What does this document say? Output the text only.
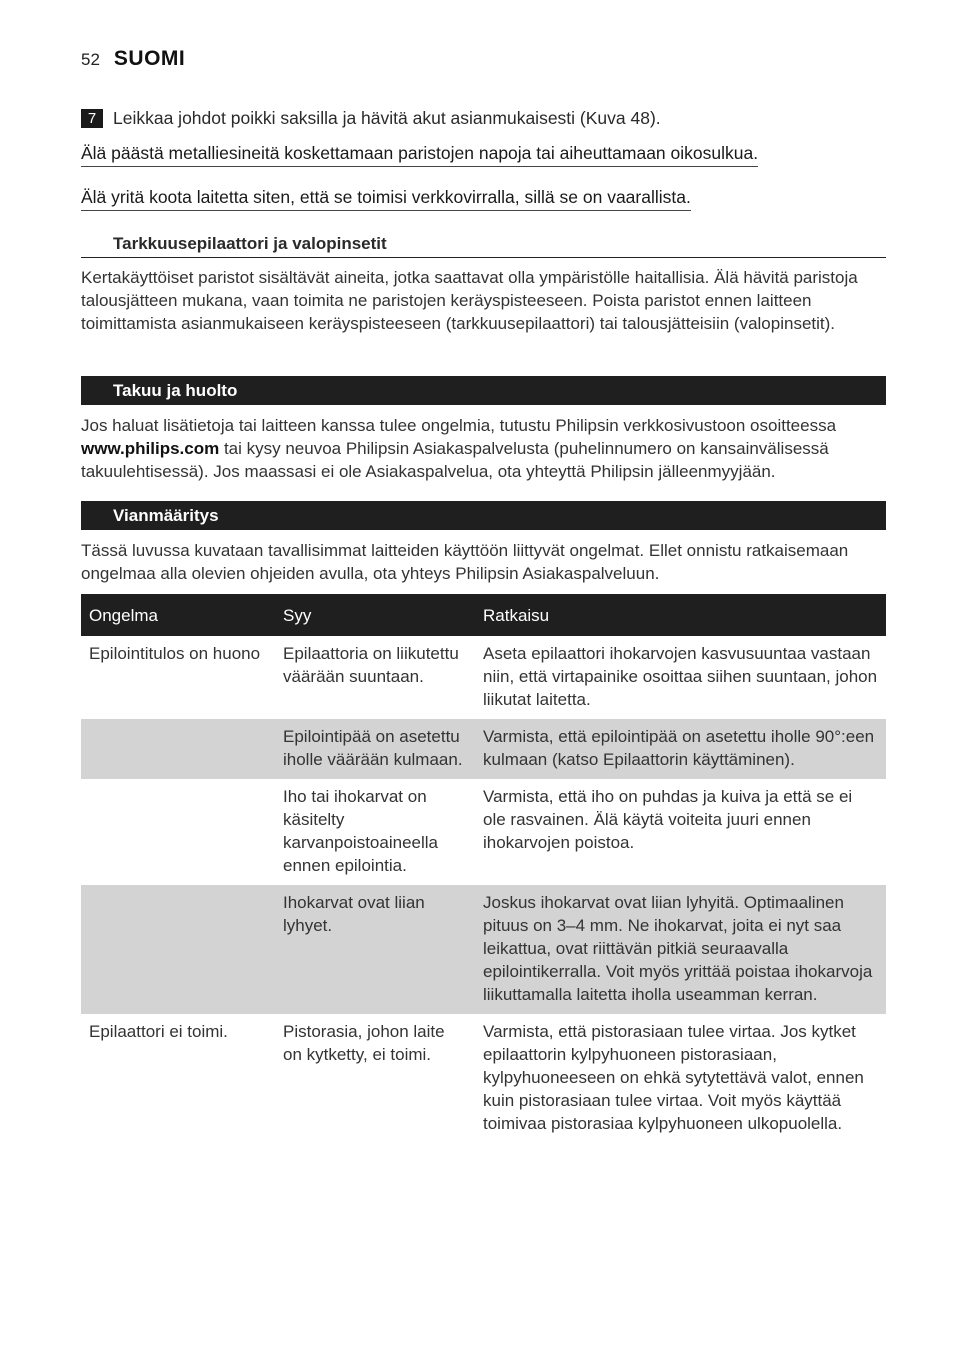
52 SUOMI
7 Leikkaa johdot poikki saksilla ja hävitä akut asianmukaisesti (Kuva 48).
Älä päästä metalliesineitä koskettamaan paristojen napoja tai aiheuttamaan oikosulkua.
Älä yritä koota laitetta siten, että se toimisi verkkovirralla, sillä se on vaarallista.
Tarkkuusepilaattori ja valopinsetit
Kertakäyttöiset paristot sisältävät aineita, jotka saattavat olla ympäristölle haitallisia. Älä hävitä paristoja talousjätteen mukana, vaan toimita ne paristojen keräyspisteeseen. Poista paristot ennen laitteen toimittamista asianmukaiseen keräyspisteeseen (tarkkuusepilaattori) tai talousjätteisiin (valopinsetit).
Takuu ja huolto
Jos haluat lisätietoja tai laitteen kanssa tulee ongelmia, tutustu Philipsin verkkosivustoon osoitteessa www.philips.com tai kysy neuvoa Philipsin Asiakaspalvelusta (puhelinnumero on kansainvälisessä takuulehtisessä). Jos maassasi ei ole Asiakaspalvelua, ota yhteyttä Philipsin jälleenmyyjään.
Vianmääritys
Tässä luvussa kuvataan tavallisimmat laitteiden käyttöön liittyvät ongelmat. Ellet onnistu ratkaisemaan ongelmaa alla olevien ohjeiden avulla, ota yhteys Philipsin Asiakaspalveluun.
Ongelma	Syy	Ratkaisu
Epilointitulos on huono	Epilaattoria on liikutettu väärään suuntaan.	Aseta epilaattori ihokarvojen kasvusuuntaa vastaan niin, että virtapainike osoittaa siihen suuntaan, johon liikutat laitetta.
	Epilointipää on asetettu iholle väärään kulmaan.	Varmista, että epilointipää on asetettu iholle 90°:een kulmaan (katso Epilaattorin käyttäminen).
	Iho tai ihokarvat on käsitelty karvanpoistoaineella ennen epilointia.	Varmista, että iho on puhdas ja kuiva ja että se ei ole rasvainen. Älä käytä voiteita juuri ennen ihokarvojen poistoa.
	Ihokarvat ovat liian lyhyet.	Joskus ihokarvat ovat liian lyhyitä. Optimaalinen pituus on 3–4 mm. Ne ihokarvat, joita ei nyt saa leikattua, ovat riittävän pitkiä seuraavalla epilointikerralla. Voit myös yrittää poistaa ihokarvoja liikuttamalla laitetta iholla useamman kerran.
Epilaattori ei toimi.	Pistorasia, johon laite on kytketty, ei toimi.	Varmista, että pistorasiaan tulee virtaa. Jos kytket epilaattorin kylpyhuoneen pistorasiaan, kylpyhuoneeseen on ehkä sytytettävä valot, ennen kuin pistorasiaan tulee virtaa. Voit myös käyttää toimivaa pistorasiaa kylpyhuoneen ulkopuolella.
